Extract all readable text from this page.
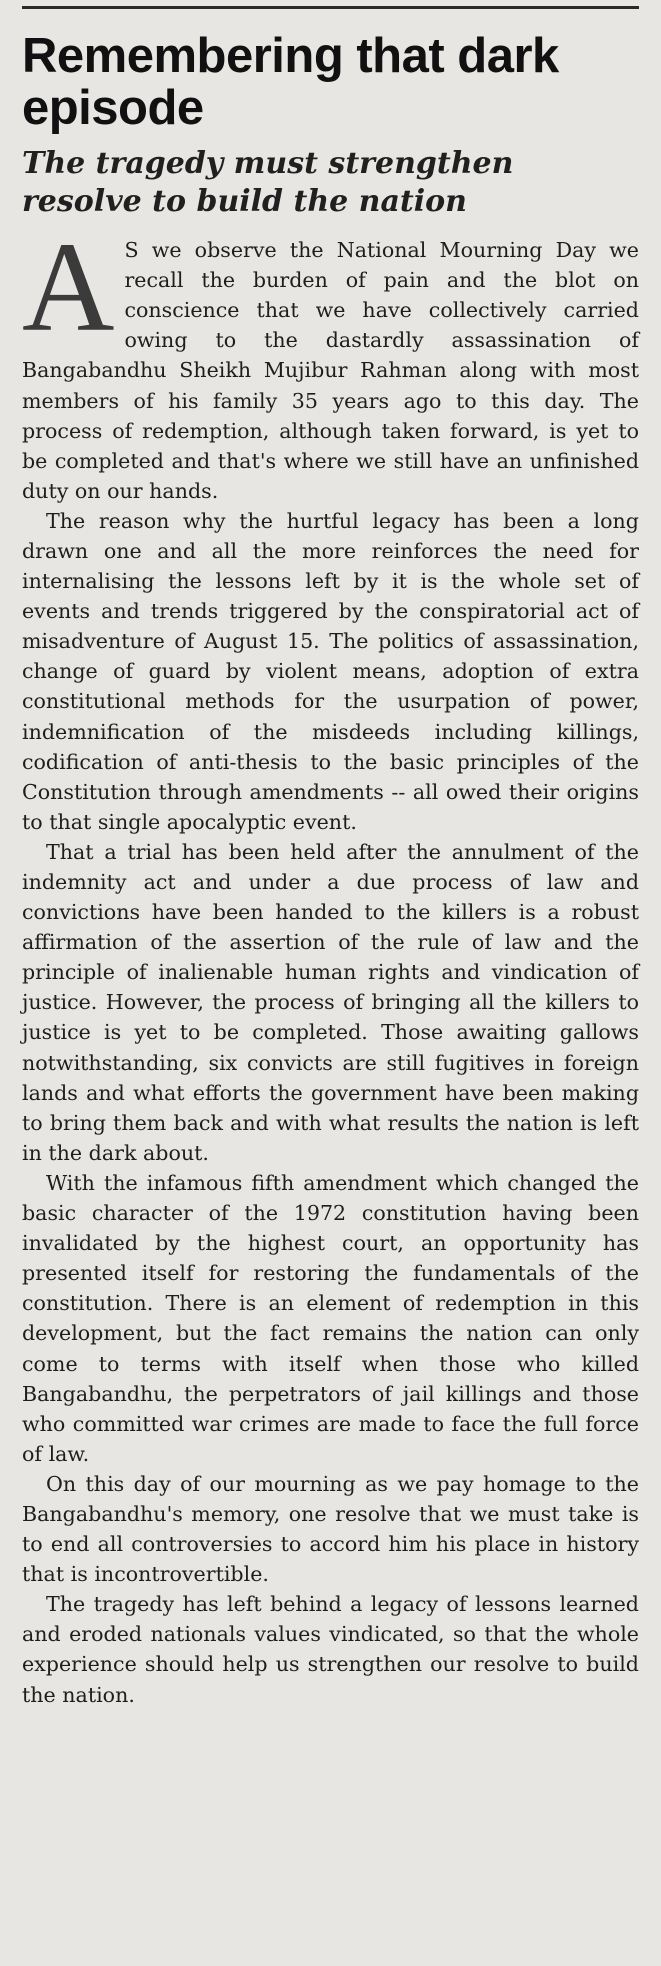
Remembering that dark episode
The tragedy must strengthen resolve to build the nation

A S we observe the National Mourning Day we recall the burden of pain and the blot on conscience that we have collectively carried owing to the dastardly assassination of Bangabandhu Sheikh Mujibur Rahman along with most members of his family 35 years ago to this day. The process of redemption, although taken forward, is yet to be completed and that's where we still have an unfinished duty on our hands.

The reason why the hurtful legacy has been a long drawn one and all the more reinforces the need for internalising the lessons left by it is the whole set of events and trends triggered by the conspiratorial act of misadventure of August 15. The politics of assassination, change of guard by violent means, adoption of extra constitutional methods for the usurpation of power, indemnification of the misdeeds including killings, codification of anti-thesis to the basic principles of the Constitution through amendments -- all owed their origins to that single apocalyptic event.

That a trial has been held after the annulment of the indemnity act and under a due process of law and convictions have been handed to the killers is a robust affirmation of the assertion of the rule of law and the principle of inalienable human rights and vindication of justice. However, the process of bringing all the killers to justice is yet to be completed. Those awaiting gallows notwithstanding, six convicts are still fugitives in foreign lands and what efforts the government have been making to bring them back and with what results the nation is left in the dark about.

With the infamous fifth amendment which changed the basic character of the 1972 constitution having been invalidated by the highest court, an opportunity has presented itself for restoring the fundamentals of the constitution. There is an element of redemption in this development, but the fact remains the nation can only come to terms with itself when those who killed Bangabandhu, the perpetrators of jail killings and those who committed war crimes are made to face the full force of law.

On this day of our mourning as we pay homage to the Bangabandhu's memory, one resolve that we must take is to end all controversies to accord him his place in history that is incontrovertible.

The tragedy has left behind a legacy of lessons learned and eroded nationals values vindicated, so that the whole experience should help us strengthen our resolve to build the nation.
